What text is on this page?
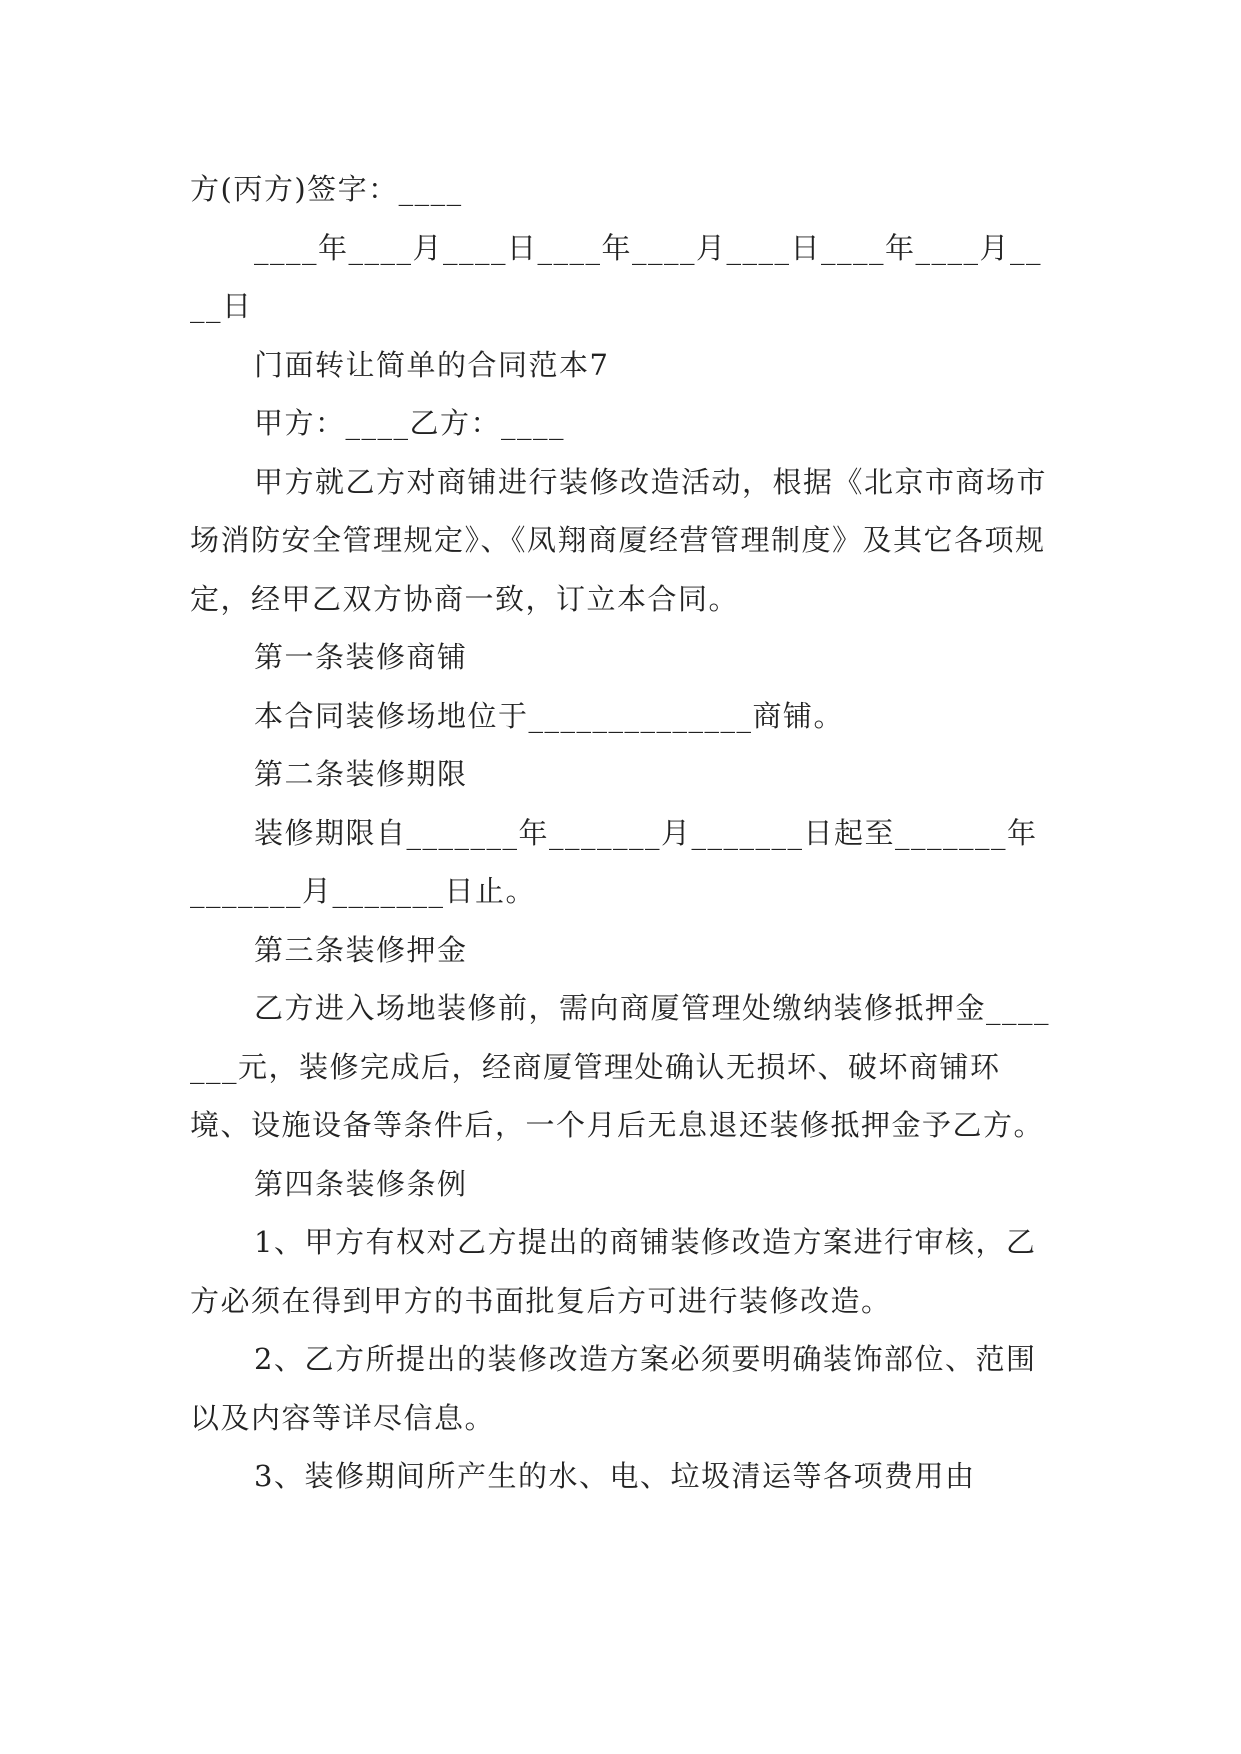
方(丙方)签字：____

____年____月____日____年____月____日____年____月____日

门面转让简单的合同范本7

甲方：____乙方：____

甲方就乙方对商铺进行装修改造活动，根据《北京市商场市场消防安全管理规定》、《凤翔商厦经营管理制度》及其它各项规定，经甲乙双方协商一致，订立本合同。

第一条装修商铺

本合同装修场地位于______________商铺。

第二条装修期限

装修期限自_______年_______月_______日起至_______年_______月_______日止。

第三条装修押金

乙方进入场地装修前，需向商厦管理处缴纳装修抵押金_______元，装修完成后，经商厦管理处确认无损坏、破坏商铺环境、设施设备等条件后，一个月后无息退还装修抵押金予乙方。

第四条装修条例

1、甲方有权对乙方提出的商铺装修改造方案进行审核，乙方必须在得到甲方的书面批复后方可进行装修改造。

2、乙方所提出的装修改造方案必须要明确装饰部位、范围以及内容等详尽信息。

3、装修期间所产生的水、电、垃圾清运等各项费用由
